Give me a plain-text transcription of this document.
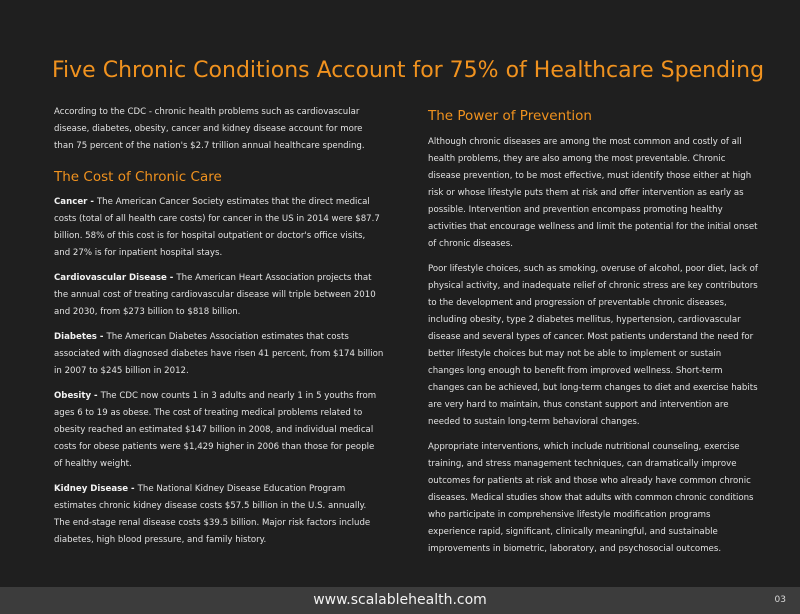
Five Chronic Conditions Account for 75% of Healthcare Spending

According to the CDC - chronic health problems such as cardiovascular disease, diabetes, obesity, cancer and kidney disease account for more than 75 percent of the nation's $2.7 trillion annual healthcare spending.

The Cost of Chronic Care

Cancer - The American Cancer Society estimates that the direct medical costs (total of all health care costs) for cancer in the US in 2014 were $87.7 billion. 58% of this cost is for hospital outpatient or doctor's office visits, and 27% is for inpatient hospital stays.

Cardiovascular Disease - The American Heart Association projects that the annual cost of treating cardiovascular disease will triple between 2010 and 2030, from $273 billion to $818 billion.

Diabetes - The American Diabetes Association estimates that costs associated with diagnosed diabetes have risen 41 percent, from $174 billion in 2007 to $245 billion in 2012.

Obesity - The CDC now counts 1 in 3 adults and nearly 1 in 5 youths from ages 6 to 19 as obese. The cost of treating medical problems related to obesity reached an estimated $147 billion in 2008, and individual medical costs for obese patients were $1,429 higher in 2006 than those for people of healthy weight.

Kidney Disease - The National Kidney Disease Education Program estimates chronic kidney disease costs $57.5 billion in the U.S. annually. The end-stage renal disease costs $39.5 billion. Major risk factors include diabetes, high blood pressure, and family history.

The Power of Prevention

Although chronic diseases are among the most common and costly of all health problems, they are also among the most preventable. Chronic disease prevention, to be most effective, must identify those either at high risk or whose lifestyle puts them at risk and offer intervention as early as possible. Intervention and prevention encompass promoting healthy activities that encourage wellness and limit the potential for the initial onset of chronic diseases.

Poor lifestyle choices, such as smoking, overuse of alcohol, poor diet, lack of physical activity, and inadequate relief of chronic stress are key contributors to the development and progression of preventable chronic diseases, including obesity, type 2 diabetes mellitus, hypertension, cardiovascular disease and several types of cancer. Most patients understand the need for better lifestyle choices but may not be able to implement or sustain changes long enough to benefit from improved wellness. Short-term changes can be achieved, but long-term changes to diet and exercise habits are very hard to maintain, thus constant support and intervention are needed to sustain long-term behavioral changes.

Appropriate interventions, which include nutritional counseling, exercise training, and stress management techniques, can dramatically improve outcomes for patients at risk and those who already have common chronic diseases. Medical studies show that adults with common chronic conditions who participate in comprehensive lifestyle modification programs experience rapid, significant, clinically meaningful, and sustainable improvements in biometric, laboratory, and psychosocial outcomes.

www.scalablehealth.com	03
